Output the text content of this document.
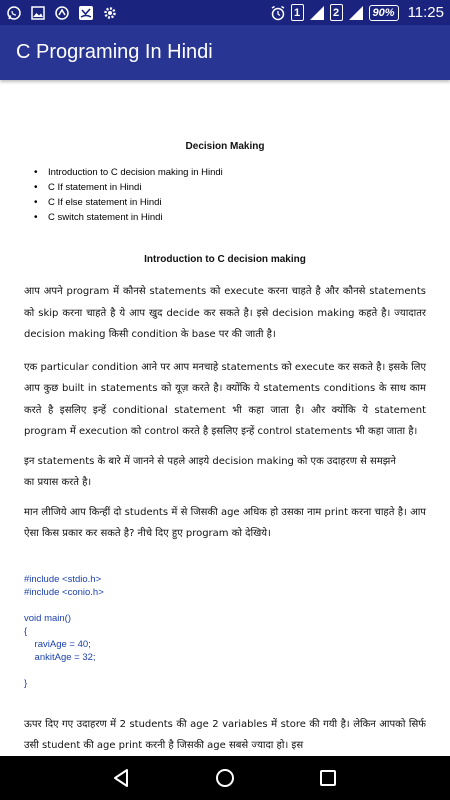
1	2	90% 11:25
C Programing In Hindi
Decision Making
• Introduction to C decision making in Hindi
• C If statement in Hindi
• C If else statement in Hindi
• C switch statement in Hindi
Introduction to C decision making

आप अपने program में कौनसे statements को execute करना चाहते है और कौनसे statements को skip करना चाहते है ये आप खुद decide कर सकते है। इसे decision making कहते है। ज्यादातर decision making किसी condition के base पर की जाती है।

एक particular condition आने पर आप मनचाहे statements को execute कर सकते है। इसके लिए आप कुछ built in statements को यूज़ करते है। क्योंकि ये statements conditions के साथ काम करते है इसलिए इन्हें conditional statement भी कहा जाता है। और क्योंकि ये statement program में execution को control करते है इसलिए इन्हें control statements भी कहा जाता है।

इन statements के बारे में जानने से पहले आइये decision making को एक उदाहरण से समझने
का प्रयास करते है।

मान लीजिये आप किन्हीं दो students में से जिसकी age अधिक हो उसका नाम print करना चाहते है। आप ऐसा किस प्रकार कर सकते है? नीचे दिए हुए program को देखिये।

#include <stdio.h>
#include <conio.h>

void main()
{
raviAge = 40;
ankitAge = 32;

}

ऊपर दिए गए उदाहरण में 2 students की age 2 variables में store की गयी है। लेकिन आपको सिर्फ उसी student की age print करनी है जिसकी age सबसे ज्यादा हो। इस
